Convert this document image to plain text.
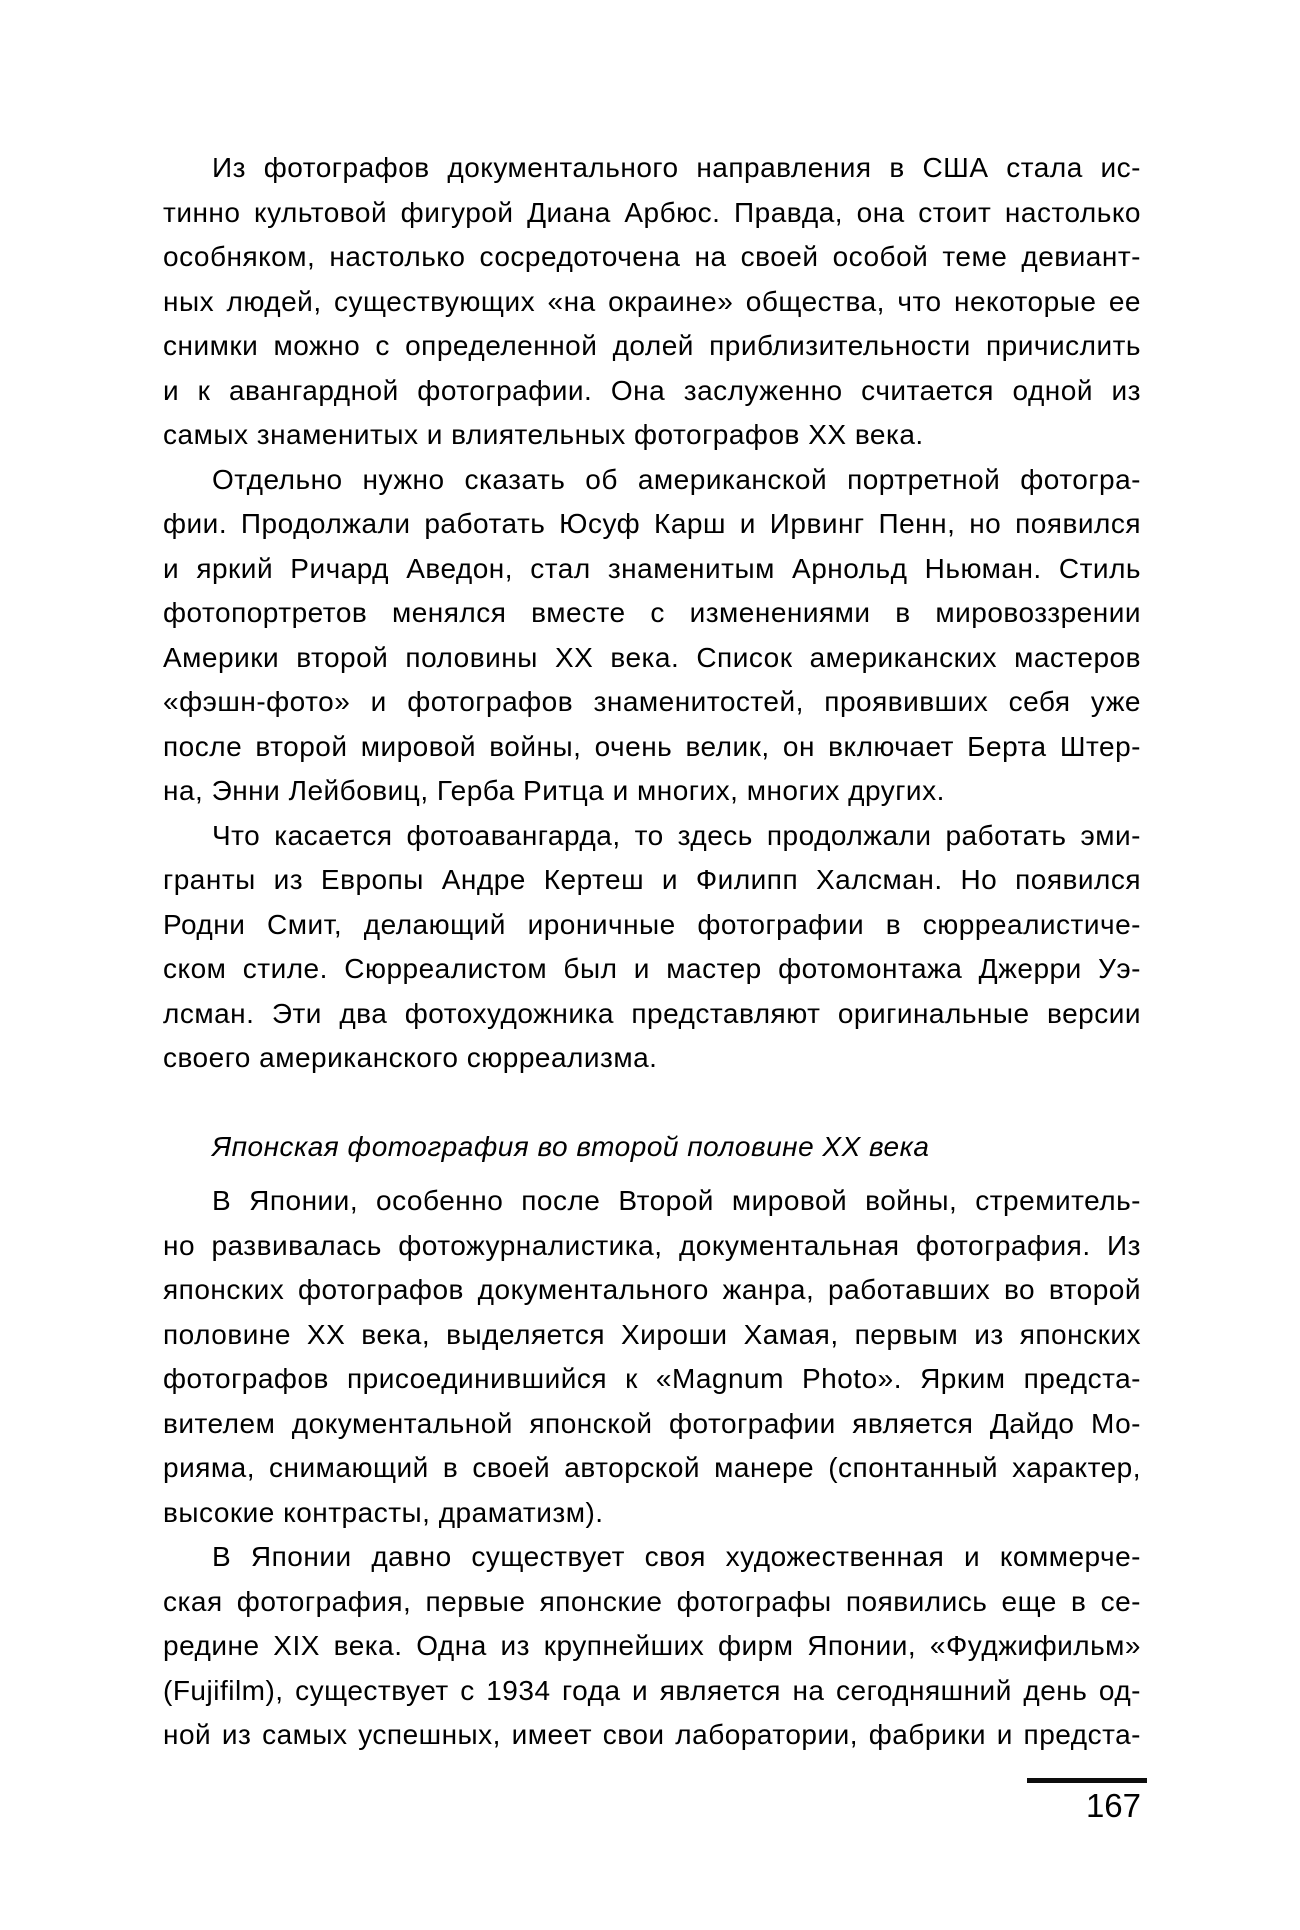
Из фотографов документального направления в США стала ис-
тинно культовой фигурой Диана Арбюс. Правда, она стоит настолько
особняком, настолько сосредоточена на своей особой теме девиант-
ных людей, существующих «на окраине» общества, что некоторые ее
снимки можно с определенной долей приблизительности причислить
и к авангардной фотографии. Она заслуженно считается одной из
самых знаменитых и влиятельных фотографов XX века.

Отдельно нужно сказать об американской портретной фотогра-
фии. Продолжали работать Юсуф Карш и Ирвинг Пенн, но появился
и яркий Ричард Аведон, стал знаменитым Арнольд Ньюман. Стиль
фотопортретов менялся вместе с изменениями в мировоззрении
Америки второй половины XX века. Список американских мастеров
«фэшн-фото» и фотографов знаменитостей, проявивших себя уже
после второй мировой войны, очень велик, он включает Берта Штер-
на, Энни Лейбовиц, Герба Ритца и многих, многих других.

Что касается фотоавангарда, то здесь продолжали работать эми-
гранты из Европы Андре Кертеш и Филипп Халсман. Но появился
Родни Смит, делающий ироничные фотографии в сюрреалистиче-
ском стиле. Сюрреалистом был и мастер фотомонтажа Джерри Уэ-
лсман. Эти два фотохудожника представляют оригинальные версии
своего американского сюрреализма.

Японская фотография во второй половине XX века

В Японии, особенно после Второй мировой войны, стремитель-
но развивалась фотожурналистика, документальная фотография. Из
японских фотографов документального жанра, работавших во второй
половине XX века, выделяется Хироши Хамая, первым из японских
фотографов присоединившийся к «Magnum Photo». Ярким предста-
вителем документальной японской фотографии является Дайдо Мо-
рияма, снимающий в своей авторской манере (спонтанный характер,
высокие контрасты, драматизм).

В Японии давно существует своя художественная и коммерче-
ская фотография, первые японские фотографы появились еще в се-
редине XIX века. Одна из крупнейших фирм Японии, «Фуджифильм»
(Fujifilm), существует с 1934 года и является на сегодняшний день од-
ной из самых успешных, имеет свои лаборатории, фабрики и предста-

167
